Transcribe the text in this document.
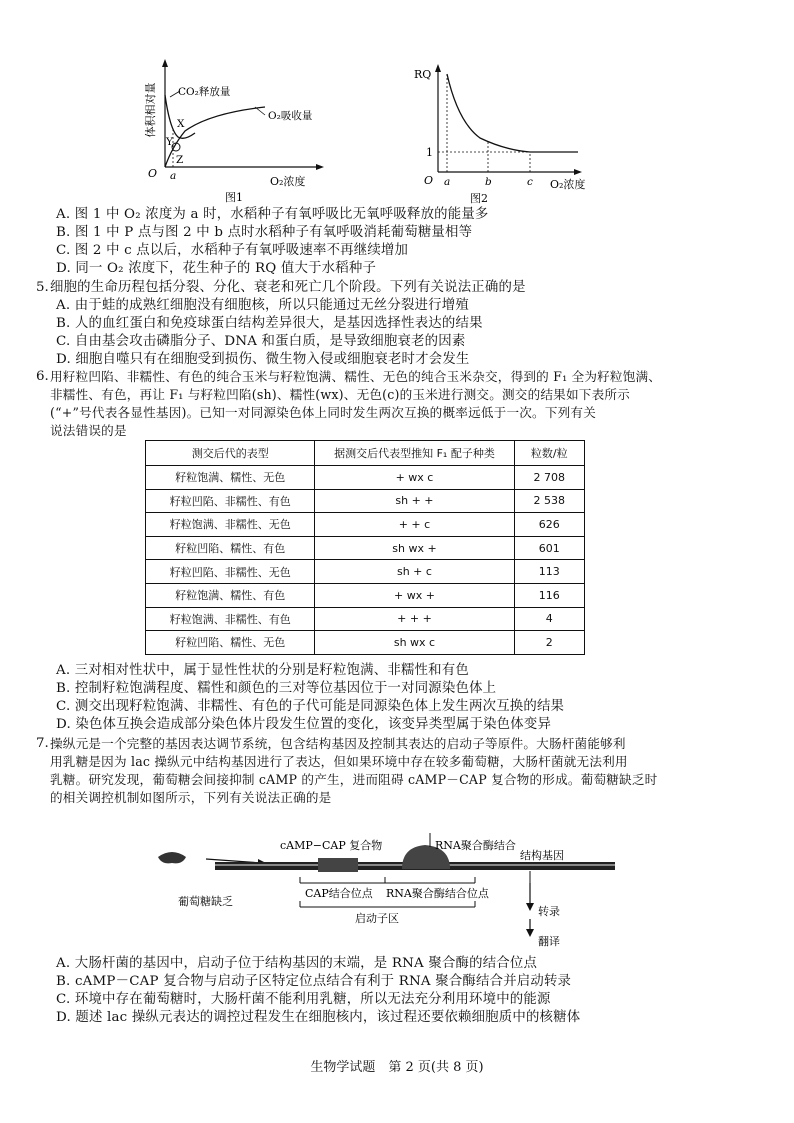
体积相对量 CO₂释放量
O₂吸收量
X
Y
Z
O a	O₂浓度
图1
RQ
1
O a	b	c O₂浓度
图2
A. 图 1 中 O₂ 浓度为 a 时，水稻种子有氧呼吸比无氧呼吸释放的能量多
B. 图 1 中 P 点与图 2 中 b 点时水稻种子有氧呼吸消耗葡萄糖量相等
C. 图 2 中 c 点以后，水稻种子有氧呼吸速率不再继续增加
D. 同一 O₂ 浓度下，花生种子的 RQ 值大于水稻种子
5. 细胞的生命历程包括分裂、分化、衰老和死亡几个阶段。下列有关说法正确的是
A. 由于蛙的成熟红细胞没有细胞核，所以只能通过无丝分裂进行增殖
B. 人的血红蛋白和免疫球蛋白结构差异很大，是基因选择性表达的结果
C. 自由基会攻击磷脂分子、DNA 和蛋白质，是导致细胞衰老的因素
D. 细胞自噬只有在细胞受到损伤、微生物入侵或细胞衰老时才会发生
6. 用籽粒凹陷、非糯性、有色的纯合玉米与籽粒饱满、糯性、无色的纯合玉米杂交，得到的 F₁ 全为籽粒饱满、
非糯性、有色，再让 F₁ 与籽粒凹陷(sh)、糯性(wx)、无色(c)的玉米进行测交。测交的结果如下表所示
(“+”号代表各显性基因)。已知一对同源染色体上同时发生两次互换的概率远低于一次。下列有关
说法错误的是
测交后代的表型	据测交后代表型推知 F₁ 配子种类	粒数/粒
籽粒饱满、糯性、无色	+ wx c	2 708
籽粒凹陷、非糯性、有色	sh + +	2 538
籽粒饱满、非糯性、无色	+ + c	626
籽粒凹陷、糯性、有色	sh wx +	601
籽粒凹陷、非糯性、无色	sh + c	113
籽粒饱满、糯性、有色	+ wx +	116
籽粒饱满、非糯性、有色	+ + +	4
籽粒凹陷、糯性、无色	sh wx c	2
A. 三对相对性状中，属于显性性状的分别是籽粒饱满、非糯性和有色
B. 控制籽粒饱满程度、糯性和颜色的三对等位基因位于一对同源染色体上
C. 测交出现籽粒饱满、非糯性、有色的子代可能是同源染色体上发生两次互换的结果
D. 染色体互换会造成部分染色体片段发生位置的变化，该变异类型属于染色体变异
7. 操纵元是一个完整的基因表达调节系统，包含结构基因及控制其表达的启动子等原件。大肠杆菌能够利
用乳糖是因为 lac 操纵元中结构基因进行了表达，但如果环境中存在较多葡萄糖，大肠杆菌就无法利用
乳糖。研究发现，葡萄糖会间接抑制 cAMP 的产生，进而阻碍 cAMP－CAP 复合物的形成。葡萄糖缺乏时
的相关调控机制如图所示，下列有关说法正确的是
cAMP−CAP 复合物	RNA聚合酶结合
结构基因
葡萄糖缺乏
CAP结合位点 RNA聚合酶结合位点
启动子区
转录
翻译
A. 大肠杆菌的基因中，启动子位于结构基因的末端，是 RNA 聚合酶的结合位点
B. cAMP－CAP 复合物与启动子区特定位点结合有利于 RNA 聚合酶结合并启动转录
C. 环境中存在葡萄糖时，大肠杆菌不能利用乳糖，所以无法充分利用环境中的能源
D. 题述 lac 操纵元表达的调控过程发生在细胞核内，该过程还要依赖细胞质中的核糖体
生物学试题　第 2 页(共 8 页)
